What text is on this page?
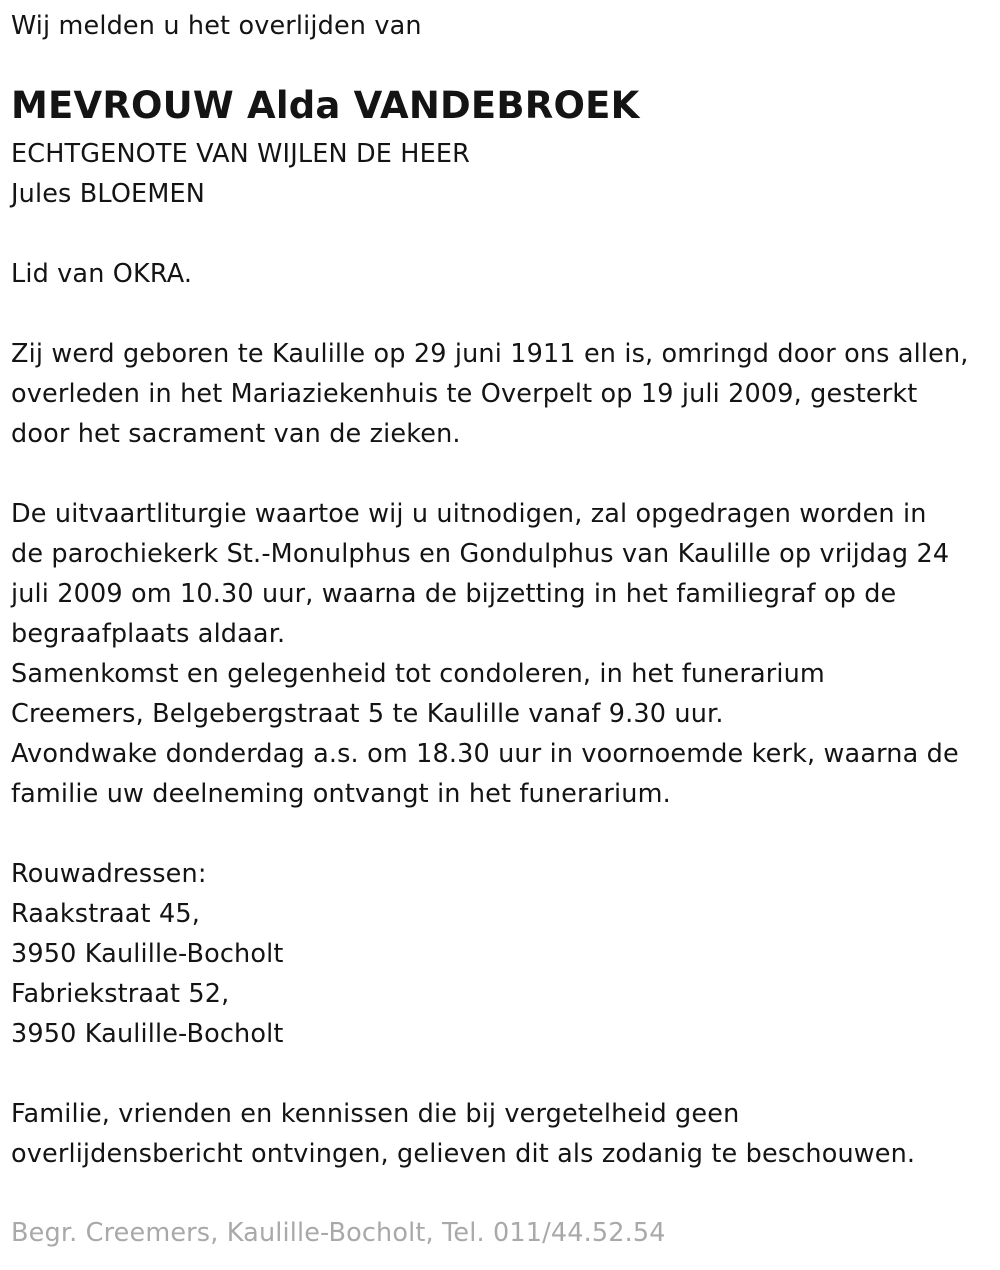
Wij melden u het overlijden van
MEVROUW Alda VANDEBROEK
ECHTGENOTE VAN WIJLEN DE HEER
Jules BLOEMEN
Lid van OKRA.
Zij werd geboren te Kaulille op 29 juni 1911 en is, omringd door ons allen,
overleden in het Mariaziekenhuis te Overpelt op 19 juli 2009, gesterkt
door het sacrament van de zieken.
De uitvaartliturgie waartoe wij u uitnodigen, zal opgedragen worden in
de parochiekerk St.-Monulphus en Gondulphus van Kaulille op vrijdag 24
juli 2009 om 10.30 uur, waarna de bijzetting in het familiegraf op de
begraafplaats aldaar.
Samenkomst en gelegenheid tot condoleren, in het funerarium
Creemers, Belgebergstraat 5 te Kaulille vanaf 9.30 uur.
Avondwake donderdag a.s. om 18.30 uur in voornoemde kerk, waarna de
familie uw deelneming ontvangt in het funerarium.
Rouwadressen:
Raakstraat 45,
3950 Kaulille-Bocholt
Fabriekstraat 52,
3950 Kaulille-Bocholt
Familie, vrienden en kennissen die bij vergetelheid geen
overlijdensbericht ontvingen, gelieven dit als zodanig te beschouwen.
Begr. Creemers, Kaulille-Bocholt, Tel. 011/44.52.54
